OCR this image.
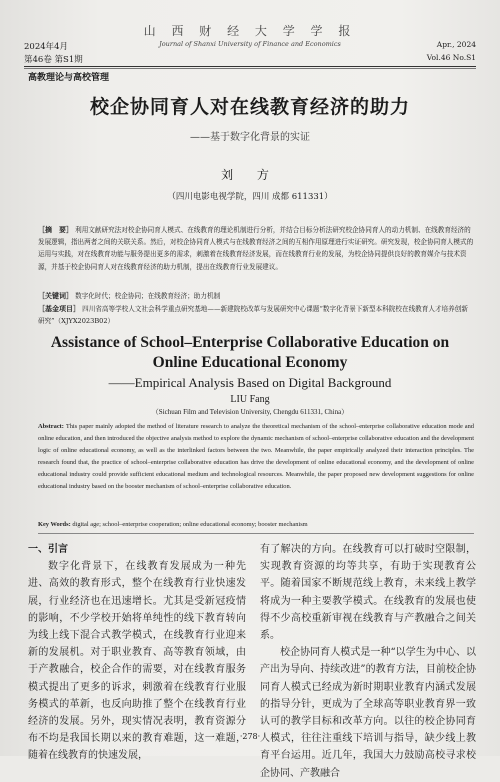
山 西 财 经 大 学 学 报
Journal of Shanxi University of Finance and Economics
2024年4月
第46卷 第S1期
Apr., 2024
Vol.46 No.S1
高教理论与高校管理
校企协同育人对在线教育经济的助力
——基于数字化背景的实证
刘 方
（四川电影电视学院，四川 成都 611331）
［摘　要］ 利用文献研究法对校企协同育人模式、在线教育的理论机制进行分析，并结合目标分析法研究校企协同育人的动力机制、在线教育经济的发展逻辑，指出两者之间的关联关系。然后，对校企协同育人模式与在线教育经济之间的互相作用原理进行实证研究。研究发现，校企协同育人模式的运用与实践，对在线教育功能与服务提出更多的需求，刺激着在线教育经济发展，而在线教育行业的发展，为校企协同提供良好的教育媒介与技术资源，并基于校企协同育人对在线教育经济的助力机制，提出在线教育行业发展建议。
［关键词］ 数字化时代；校企协同；在线教育经济；助力机制
［基金项目］ 四川省高等学校人文社会科学重点研究基地——新建院校改革与发展研究中心课题“数字化背景下新型本科院校在线教育人才培养创新研究”（XJYX2023B02）
Assistance of School–Enterprise Collaborative Education on
Online Educational Economy
——Empirical Analysis Based on Digital Background
LIU Fang
（Sichuan Film and Television University, Chengdu 611331, China）
Abstract: This paper mainly adopted the method of literature research to analyze the theoretical mechanism of the school–enterprise collaborative education mode and online education, and then introduced the objective analysis method to explore the dynamic mechanism of school–enterprise collaborative education and the development logic of online educational economy, as well as the interlinked factors between the two. Meanwhile, the paper empirically analyzed their interaction principles. The research found that, the practice of school–enterprise collaborative education has drive the development of online educational economy, and the development of online educational industry could provide sufficient educational medium and technological resources. Meanwhile, the paper proposed new development suggestions for online educational industry based on the booster mechanism of school–enterprise collaborative education.
Key Words: digital age; school–enterprise cooperation; online educational economy; booster mechanism
一、引言
数字化背景下，在线教育发展成为一种先进、高效的教育形式，整个在线教育行业快速发展，行业经济也在迅速增长。尤其是受新冠疫情的影响，不少学校开始将单纯性的线下教育转向为线上线下混合式教学模式，在线教育行业迎来新的发展机。对于职业教育、高等教育领域，由于产教融合，校企合作的需要，对在线教育服务模式提出了更多的诉求，刺激着在线教育行业服务模式的革新，也反向助推了整个在线教育行业经济的发展。另外，现实情况表明，教育资源分布不均是我国长期以来的教育难题，这一难题，随着在线教育的快速发展，
有了解决的方向。在线教育可以打破时空限制，实现教育资源的均等共享，有助于实现教育公平。随着国家不断规范线上教育，未来线上教学将成为一种主要教学模式。在线教育的发展也使得不少高校重新审视在线教育与产教融合之间关系。
校企协同育人模式是一种“以学生为中心、以产出为导向、持续改进”的教育方法，目前校企协同育人模式已经成为新时期职业教育内涵式发展的指导分针，更成为了全球高等职业教育界一致认可的教学目标和改革方向。以往的校企协同育人模式，往往注重线下培训与指导，缺少线上教育平台运用。近几年，我国大力鼓励高校寻求校企协同、产教融合
·278·
